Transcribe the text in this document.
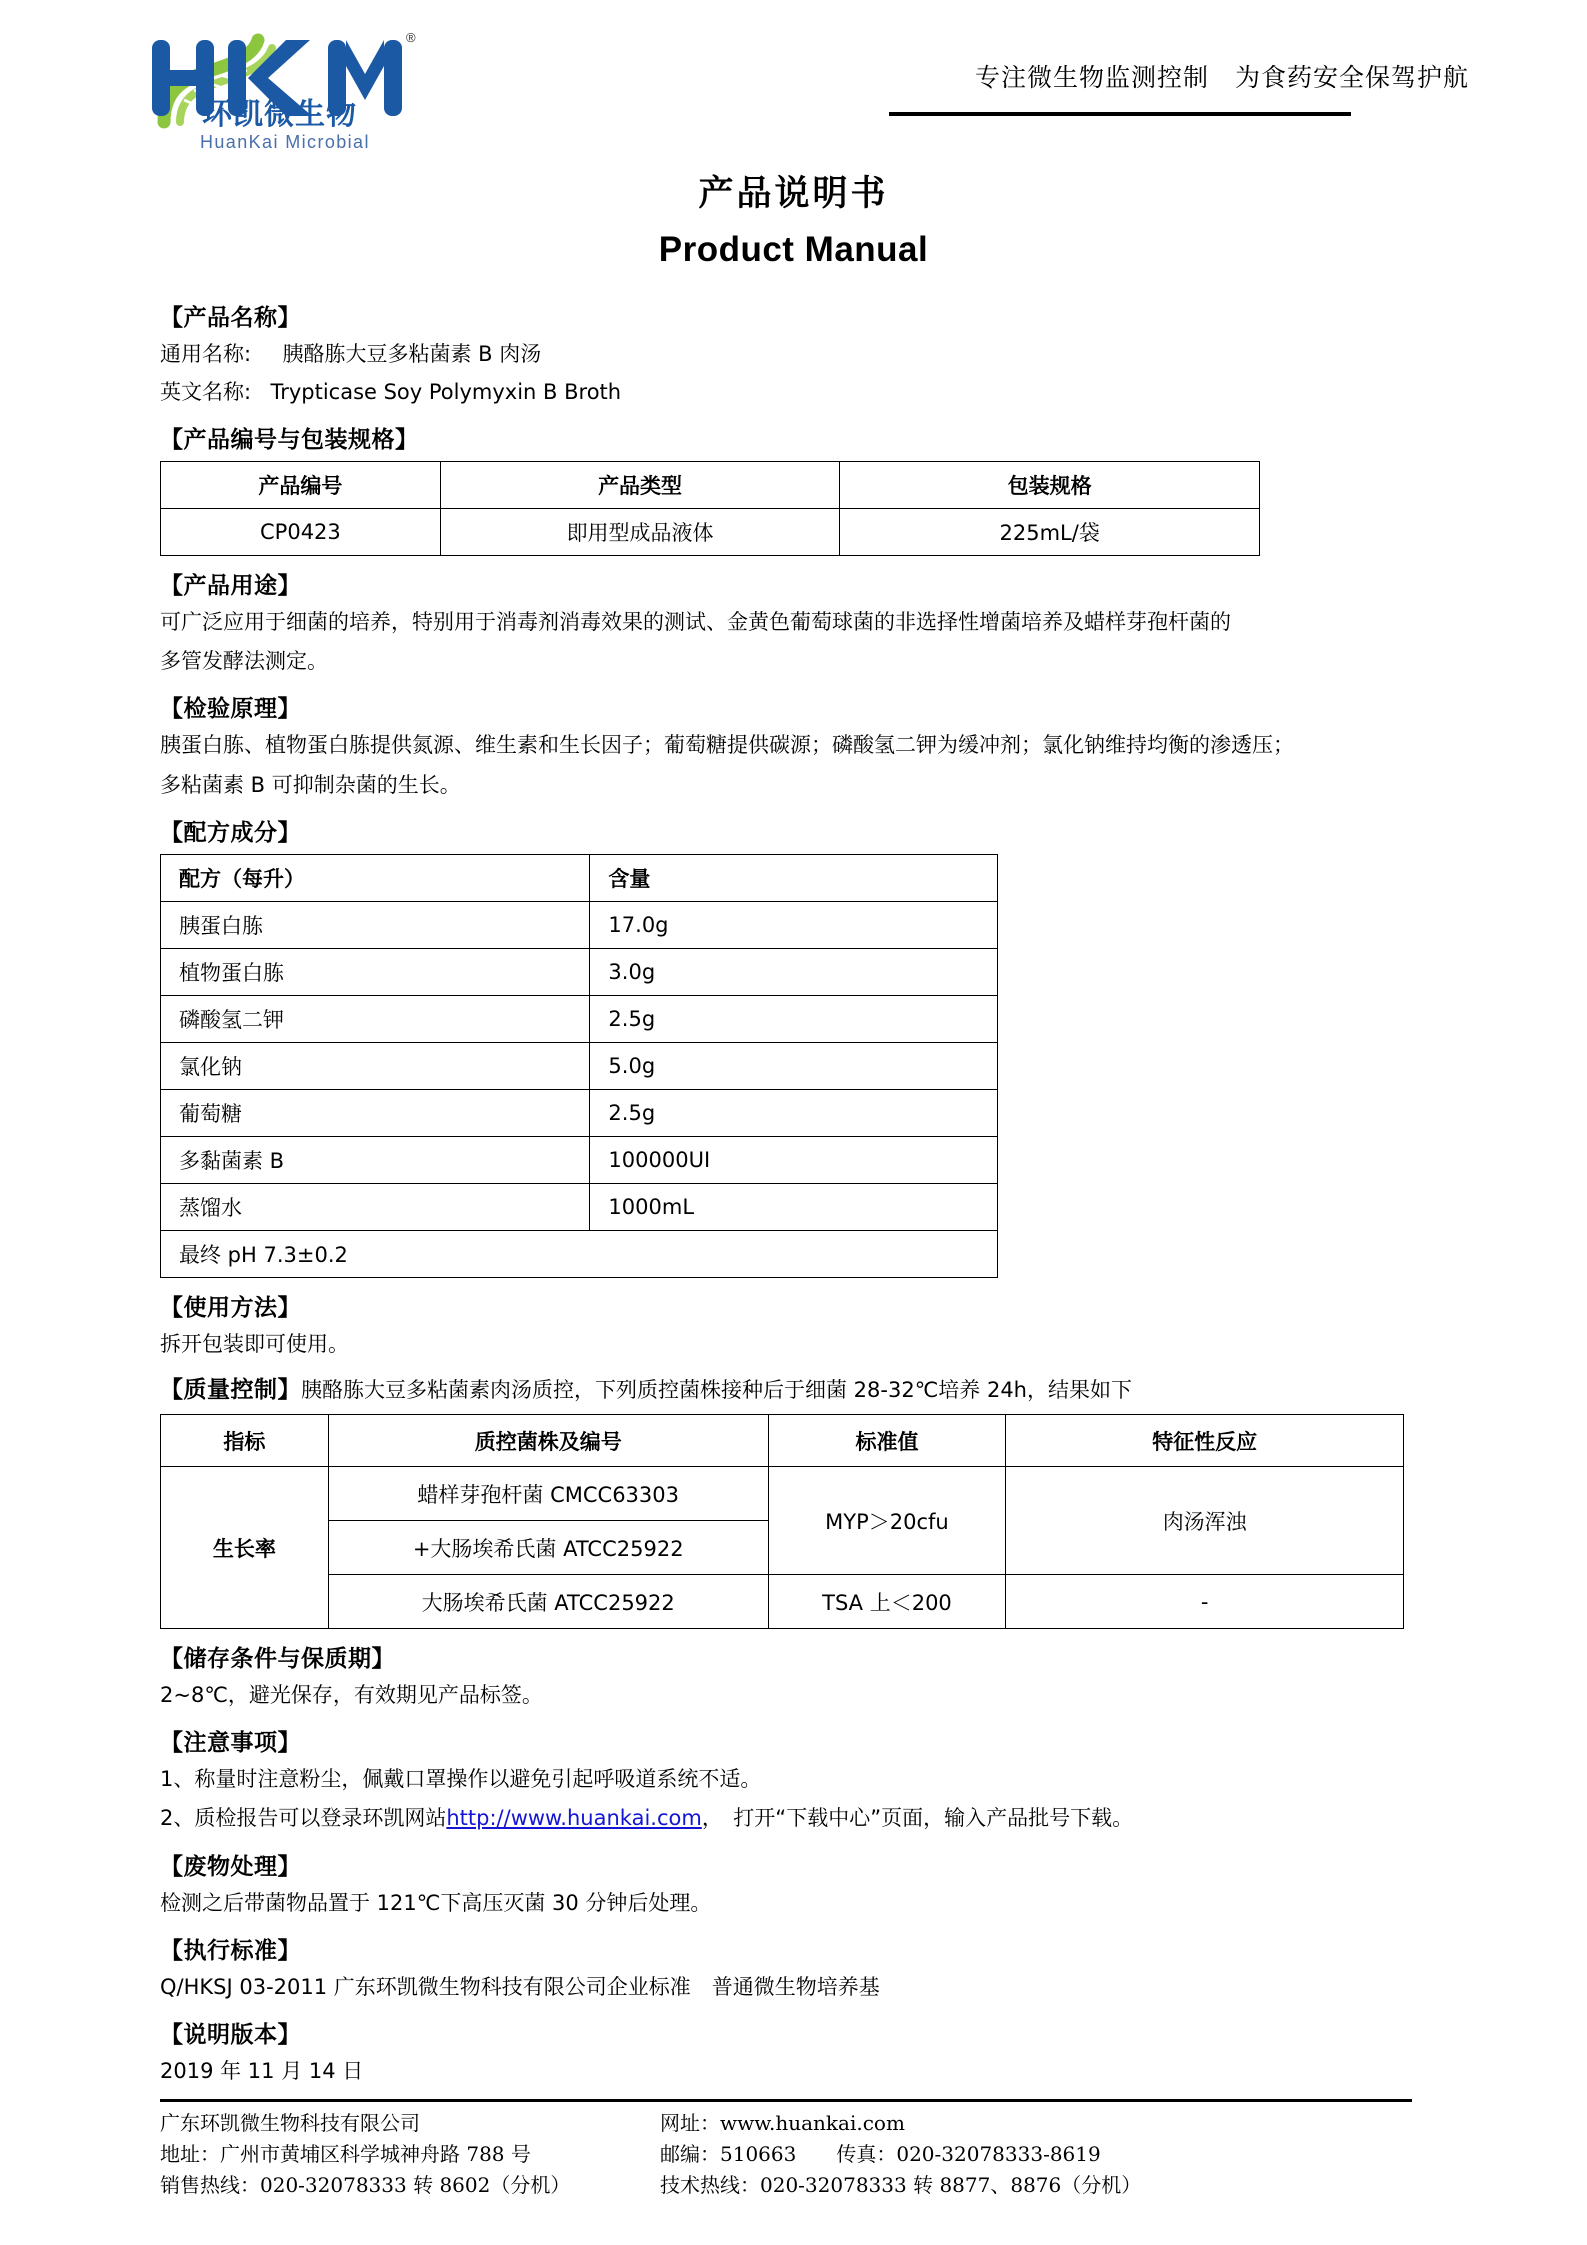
®
环凯微生物
HuanKai Microbial
专注微生物监测控制　为食药安全保驾护航
产品说明书
Product Manual
【产品名称】
通用名称: 胰酪胨大豆多粘菌素 B 肉汤
英文名称: Trypticase Soy Polymyxin B Broth
【产品编号与包装规格】
产品编号	产品类型	包装规格
CP0423	即用型成品液体	225mL/袋
【产品用途】
可广泛应用于细菌的培养，特别用于消毒剂消毒效果的测试、金黄色葡萄球菌的非选择性增菌培养及蜡样芽孢杆菌的
多管发酵法测定。
【检验原理】
胰蛋白胨、植物蛋白胨提供氮源、维生素和生长因子；葡萄糖提供碳源；磷酸氢二钾为缓冲剂；氯化钠维持均衡的渗透压；
多粘菌素 B 可抑制杂菌的生长。
【配方成分】
配方（每升）	含量
胰蛋白胨	17.0g
植物蛋白胨	3.0g
磷酸氢二钾	2.5g
氯化钠	5.0g
葡萄糖	2.5g
多黏菌素 B	100000UI
蒸馏水	1000mL
最终 pH 7.3±0.2	
【使用方法】
拆开包装即可使用。
【质量控制】胰酪胨大豆多粘菌素肉汤质控，下列质控菌株接种后于细菌 28-32℃培养 24h，结果如下
指标	质控菌株及编号	标准值	特征性反应
生长率	蜡样芽孢杆菌 CMCC63303	MYP＞20cfu	肉汤浑浊
	+大肠埃希氏菌 ATCC25922		
	大肠埃希氏菌 ATCC25922	TSA 上＜200	-
【储存条件与保质期】
2~8℃，避光保存，有效期见产品标签。
【注意事项】
1、称量时注意粉尘，佩戴口罩操作以避免引起呼吸道系统不适。
2、质检报告可以登录环凯网站http://www.huankai.com，　打开“下载中心”页面，输入产品批号下载。
【废物处理】
检测之后带菌物品置于 121℃下高压灭菌 30 分钟后处理。
【执行标准】
Q/HKSJ 03-2011 广东环凯微生物科技有限公司企业标准　普通微生物培养基
【说明版本】
2019 年 11 月 14 日
广东环凯微生物科技有限公司
地址：广州市黄埔区科学城神舟路 788 号
销售热线：020-32078333 转 8602（分机）
网址：www.huankai.com
邮编：510663　　传真：020-32078333-8619
技术热线：020-32078333 转 8877、8876（分机）
